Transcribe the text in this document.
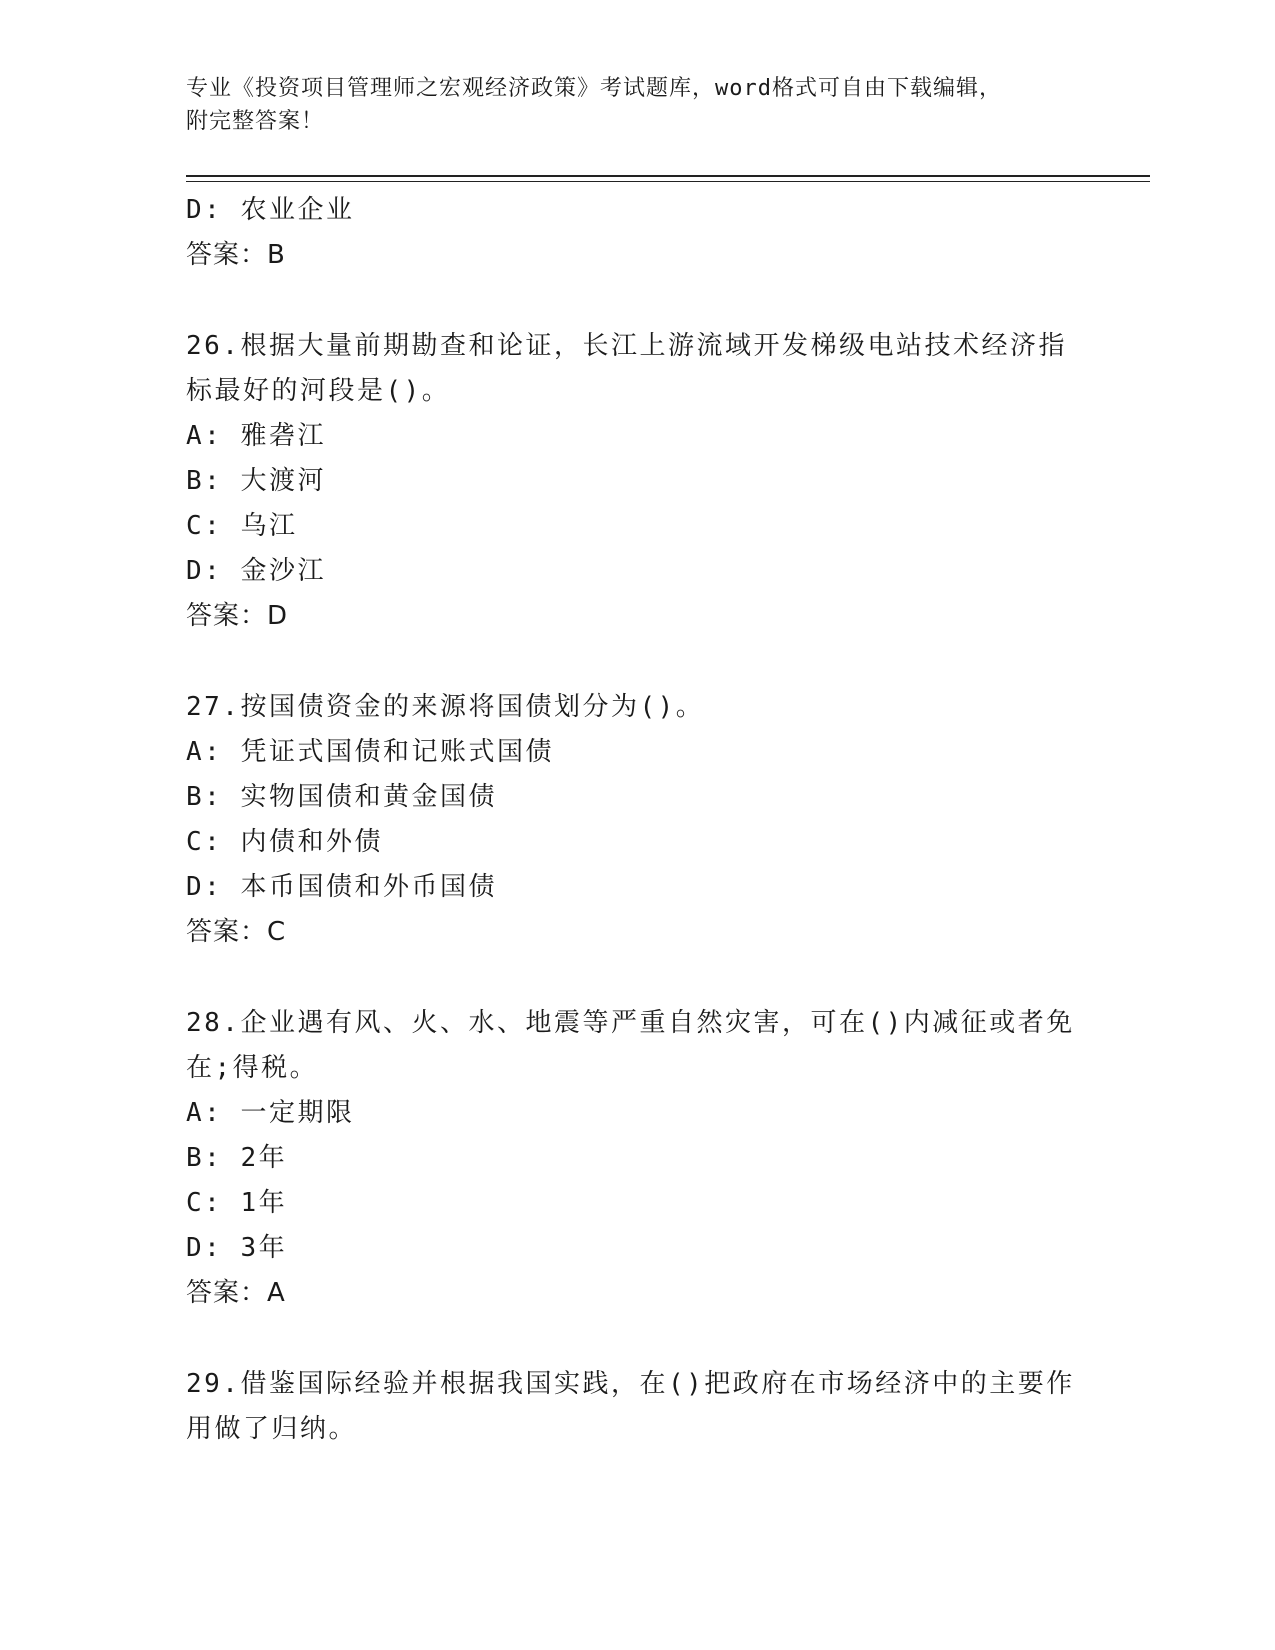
专业《投资项目管理师之宏观经济政策》考试题库，word格式可自由下载编辑，
附完整答案！
D: 农业企业
答案：B
26.根据大量前期勘查和论证，长江上游流域开发梯级电站技术经济指
标最好的河段是()。
A: 雅砻江
B: 大渡河
C: 乌江
D: 金沙江
答案：D
27.按国债资金的来源将国债划分为()。
A: 凭证式国债和记账式国债
B: 实物国债和黄金国债
C: 内债和外债
D: 本币国债和外币国债
答案：C
28.企业遇有风、火、水、地震等严重自然灾害，可在()内减征或者免
在;得税。
A: 一定期限
B: 2年
C: 1年
D: 3年
答案：A
29.借鉴国际经验并根据我国实践，在()把政府在市场经济中的主要作
用做了归纳。
